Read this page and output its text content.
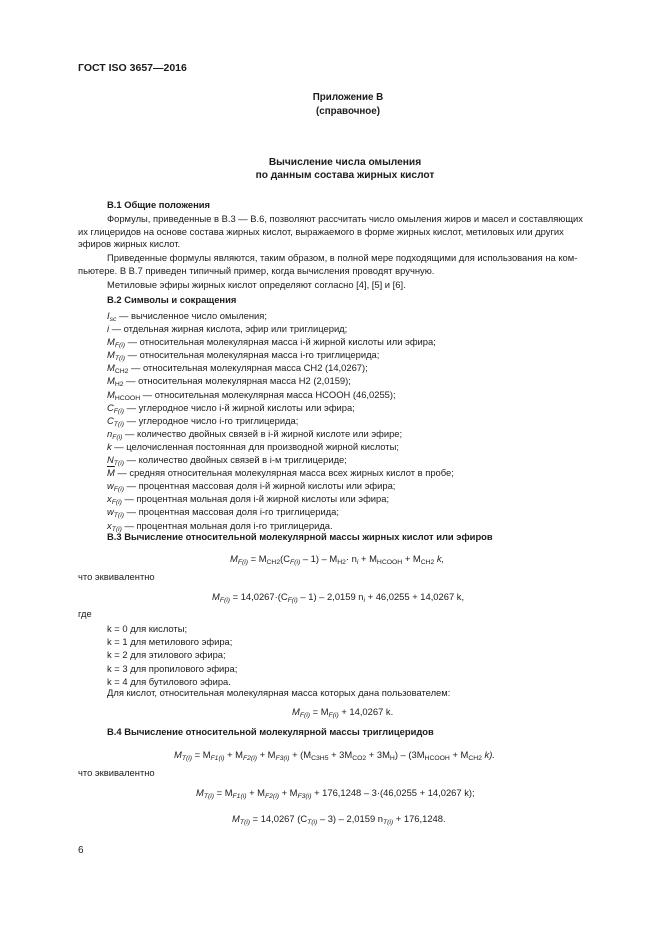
ГОСТ ISO 3657—2016
Приложение В
(справочное)
Вычисление числа омыления
по данным состава жирных кислот
В.1 Общие положения
Формулы, приведенные в В.3 — В.6, позволяют рассчитать число омыления жиров и масел и составляющих
их глицеридов на основе состава жирных кислот, выражаемого в форме жирных кислот, метиловых или других
эфиров жирных кислот.
Приведенные формулы являются, таким образом, в полной мере подходящими для использования на ком-
пьютере. В В.7 приведен типичный пример, когда вычисления проводят вручную.
Метиловые эфиры жирных кислот определяют согласно [4], [5] и [6].
В.2 Символы и сокращения
$I_{sc}$ — вычисленное число омыления;
i — отдельная жирная кислота, эфир или триглицерид;
$M_{F(i)}$ — относительная молекулярная масса i-й жирной кислоты или эфира;
$M_{T(i)}$ — относительная молекулярная масса i-го триглицерида;
$M_{CH2}$ — относительная молекулярная масса CH2 (14,0267);
$M_{H2}$ — относительная молекулярная масса H2 (2,0159);
$M_{HCOOH}$ — относительная молекулярная масса HCOOH (46,0255);
$C_{F(i)}$ — углеродное число i-й жирной кислоты или эфира;
$C_{T(i)}$ — углеродное число i-го триглицерида;
$n_{F(i)}$ — количество двойных связей в i-й жирной кислоте или эфире;
k — целочисленная постоянная для производной жирной кислоты;
$N_{T(i)}$ — количество двойных связей в i-м триглицериде;
$\overline{M}$ — средняя относительная молекулярная масса всех жирных кислот в пробе;
$w_{F(i)}$ — процентная массовая доля i-й жирной кислоты или эфира;
$x_{F(i)}$ — процентная мольная доля i-й жирной кислоты или эфира;
$w_{T(i)}$ — процентная массовая доля i-го триглицерида;
$x_{T(i)}$ — процентная мольная доля i-го триглицерида.
В.3 Вычисление относительной молекулярной массы жирных кислот или эфиров
$M_{F(i)} = M_{CH2}(C_{F(i)} - 1) - M_{H2}\cdot n_i + M_{HCOOH} + M_{CH2}$ k,
что эквивалентно
$M_{F(i)} = 14,0267\cdot(C_{F(i)} - 1) - 2,0159$ $n_i + 46,0255 + 14,0267$ k,
где
k = 0 для кислоты;
k = 1 для метилового эфира;
k = 2 для этилового эфира;
k = 3 для пропилового эфира;
k = 4 для бутилового эфира.
Для кислот, относительная молекулярная масса которых дана пользователем:
$M_{F(i)} = M_{F(i)} + 14,0267$ k.
В.4 Вычисление относительной молекулярной массы триглицеридов
$M_{T(i)} = M_{F1(i)} + M_{F2(i)} + M_{F3(i)} + (M_{C3H5} + 3M_{CO2} + 3M_H) - (3M_{HCOOH} + M_{CH2}$ k).
что эквивалентно
$M_{T(i)} = M_{F1(i)} + M_{F2(i)} + M_{F3(i)} + 176,1248 - 3\cdot(46,0255 + 14,0267$ k);
$M_{T(i)} = 14,0267$ $(C_{T(i)} - 3) - 2,0159$ $n_{T(i)} + 176,1248$.
6
